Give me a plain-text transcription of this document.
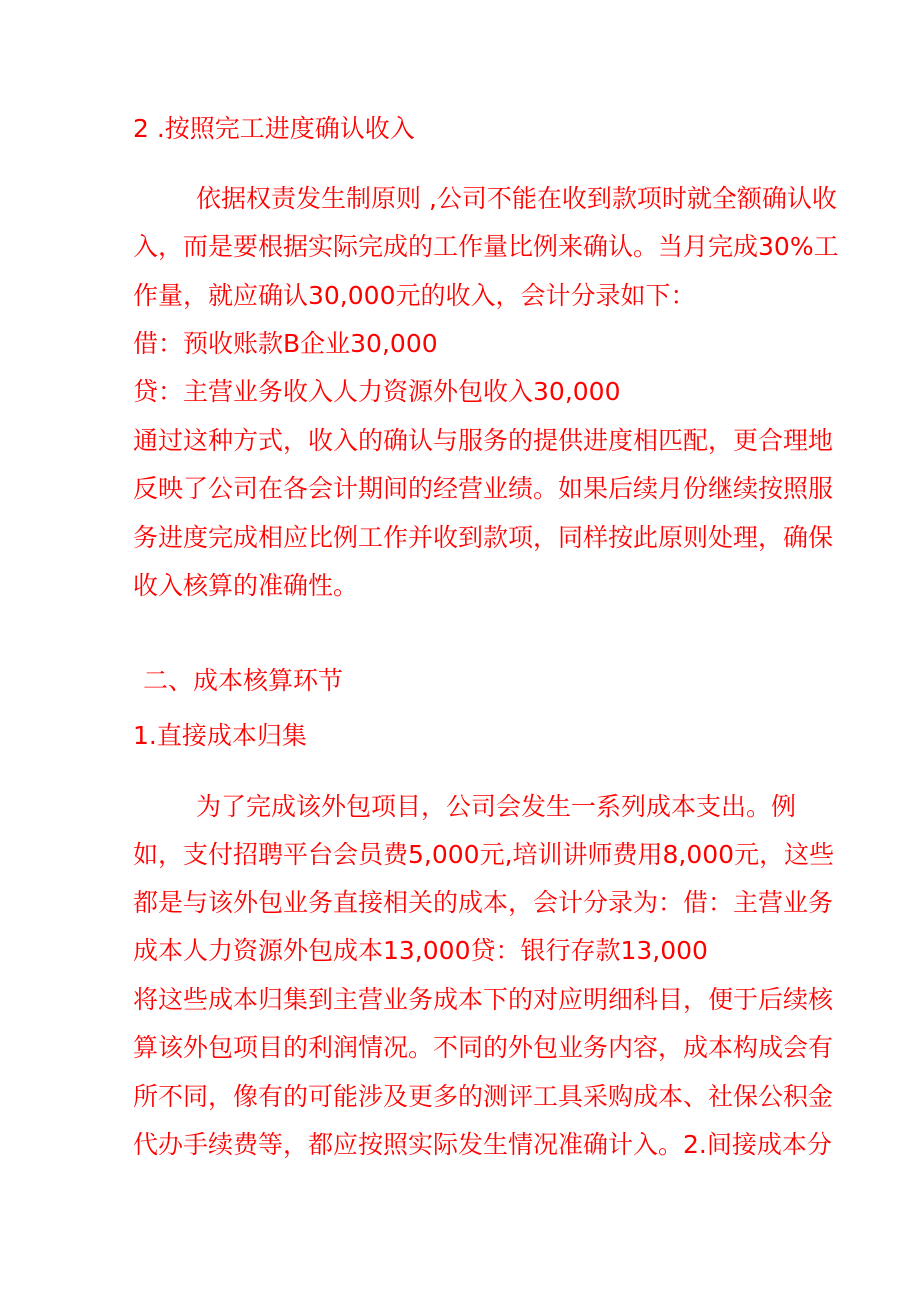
2 .按照完工进度确认收入
依据权责发生制原则 ,公司不能在收到款项时就全额确认收
入，而是要根据实际完成的工作量比例来确认。当月完成30%工
作量，就应确认30,000元的收入，会计分录如下：
借：预收账款B企业30,000
贷：主营业务收入人力资源外包收入30,000
通过这种方式，收入的确认与服务的提供进度相匹配，更合理地
反映了公司在各会计期间的经营业绩。如果后续月份继续按照服
务进度完成相应比例工作并收到款项，同样按此原则处理，确保
收入核算的准确性。
二、成本核算环节
1.直接成本归集
为了完成该外包项目，公司会发生一系列成本支出。例
如，支付招聘平台会员费5,000元,培训讲师费用8,000元，这些
都是与该外包业务直接相关的成本，会计分录为：借：主营业务
成本人力资源外包成本13,000贷：银行存款13,000
将这些成本归集到主营业务成本下的对应明细科目，便于后续核
算该外包项目的利润情况。不同的外包业务内容，成本构成会有
所不同，像有的可能涉及更多的测评工具采购成本、社保公积金
代办手续费等，都应按照实际发生情况准确计入。2.间接成本分
